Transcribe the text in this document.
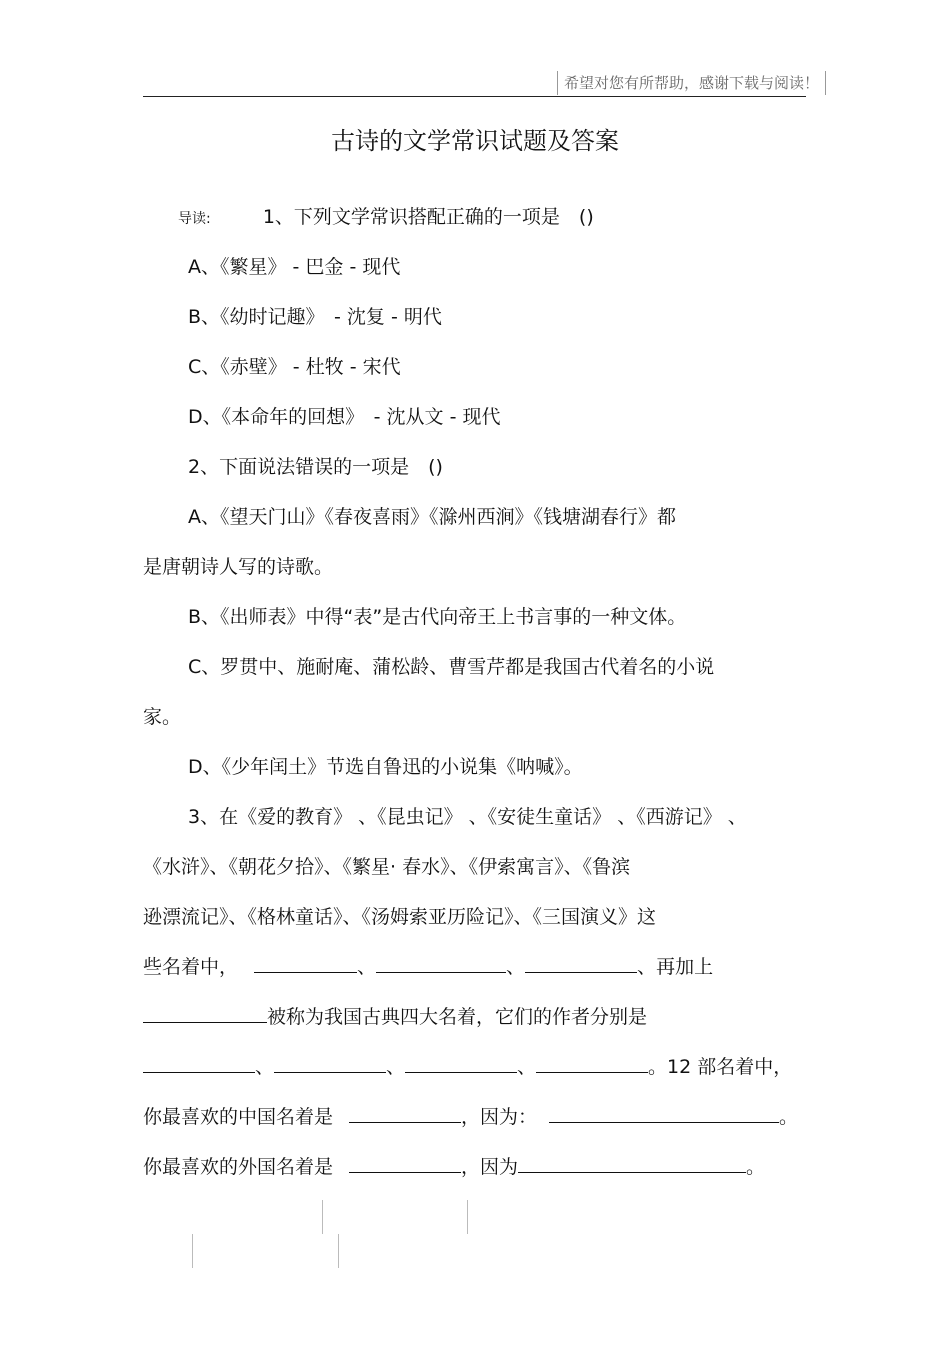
希望对您有所帮助，感谢下载与阅读！
古诗的文学常识试题及答案
导读:	1、下列文学常识搭配正确的一项是　()
A、《繁星》 - 巴金 - 现代
B、《幼时记趣》　- 沈复 - 明代
C、《赤壁》 - 杜牧 - 宋代
D、《本命年的回想》　- 沈从文 - 现代
2、下面说法错误的一项是　()
A、《望天门山》《春夜喜雨》《滁州西涧》《钱塘湖春行》都
是唐朝诗人写的诗歌。
B、《出师表》中得“表”是古代向帝王上书言事的一种文体。
C、罗贯中、施耐庵、蒲松龄、曹雪芹都是我国古代着名的小说
家。
D、《少年闰土》节选自鲁迅的小说集《呐喊》。
3、在《爱的教育》 、《昆虫记》 、《安徒生童话》 、《西游记》 、
《水浒》、《朝花夕拾》、《繁星· 春水》、《伊索寓言》、《鲁滨
逊漂流记》、《格林童话》、《汤姆索亚历险记》、《三国演义》这
些名着中，	、	、	、再加上
被称为我国古典四大名着，它们的作者分别是
、	、	、	。12 部名着中，
你最喜欢的中国名着是	，因为：	。
你最喜欢的外国名着是	，因为	。
